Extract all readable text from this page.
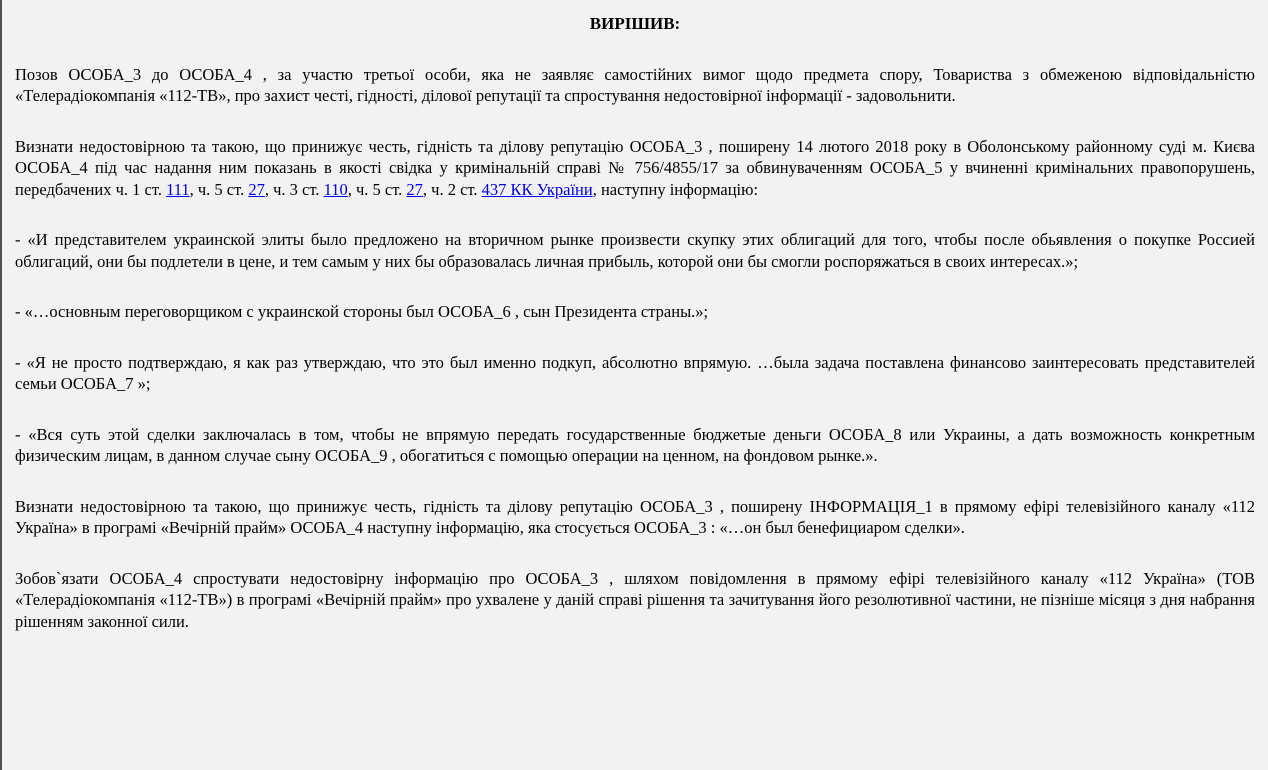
ВИРІШИВ:

Позов ОСОБА_3 до ОСОБА_4 , за участю третьої особи, яка не заявляє самостійних вимог щодо предмета спору, Товариства з обмеженою відповідальністю «Телерадіокомпанія «112-ТВ», про захист честі, гідності, ділової репутації та спростування недостовірної інформації - задовольнити.

Визнати недостовірною та такою, що принижує честь, гідність та ділову репутацію ОСОБА_3 , поширену 14 лютого 2018 року в Оболонському районному суді м. Києва ОСОБА_4 під час надання ним показань в якості свідка у кримінальній справі № 756/4855/17 за обвинуваченням ОСОБА_5 у вчиненні кримінальних правопорушень, передбачених ч. 1 ст. 111, ч. 5 ст. 27, ч. 3 ст. 110, ч. 5 ст. 27, ч. 2 ст. 437 КК України, наступну інформацію:

- «И представителем украинской элиты было предложено на вторичном рынке произвести скупку этих облигаций для того, чтобы после обьявления о покупке Россией облигаций, они бы подлетели в цене, и тем самым у них бы образовалась личная прибыль, которой они бы смогли роспоряжаться в своих интересах.»;

- «…основным переговорщиком с украинской стороны был ОСОБА_6 , сын Президента страны.»;

- «Я не просто подтверждаю, я как раз утверждаю, что это был именно подкуп, абсолютно впрямую. …была задача поставлена финансово заинтересовать представителей семьи ОСОБА_7 »;

- «Вся суть этой сделки заключалась в том, чтобы не впрямую передать государственные бюджетые деньги ОСОБА_8 или Украины, а дать возможность конкретным физическим лицам, в данном случае сыну ОСОБА_9 , обогатиться с помощью операции на ценном, на фондовом рынке.».

Визнати недостовірною та такою, що принижує честь, гідність та ділову репутацію ОСОБА_3 , поширену ІНФОРМАЦІЯ_1 в прямому ефірі телевізійного каналу «112 Україна» в програмі «Вечірній прайм» ОСОБА_4 наступну інформацію, яка стосується ОСОБА_3 : «…он был бенефициаром сделки».

Зобов`язати ОСОБА_4 спростувати недостовірну інформацію про ОСОБА_3 , шляхом повідомлення в прямому ефірі телевізійного каналу «112 Україна» (ТОВ «Телерадіокомпанія «112-ТВ») в програмі «Вечірній прайм» про ухвалене у даній справі рішення та зачитування його резолютивної частини, не пізніше місяця з дня набрання рішенням законної сили.
